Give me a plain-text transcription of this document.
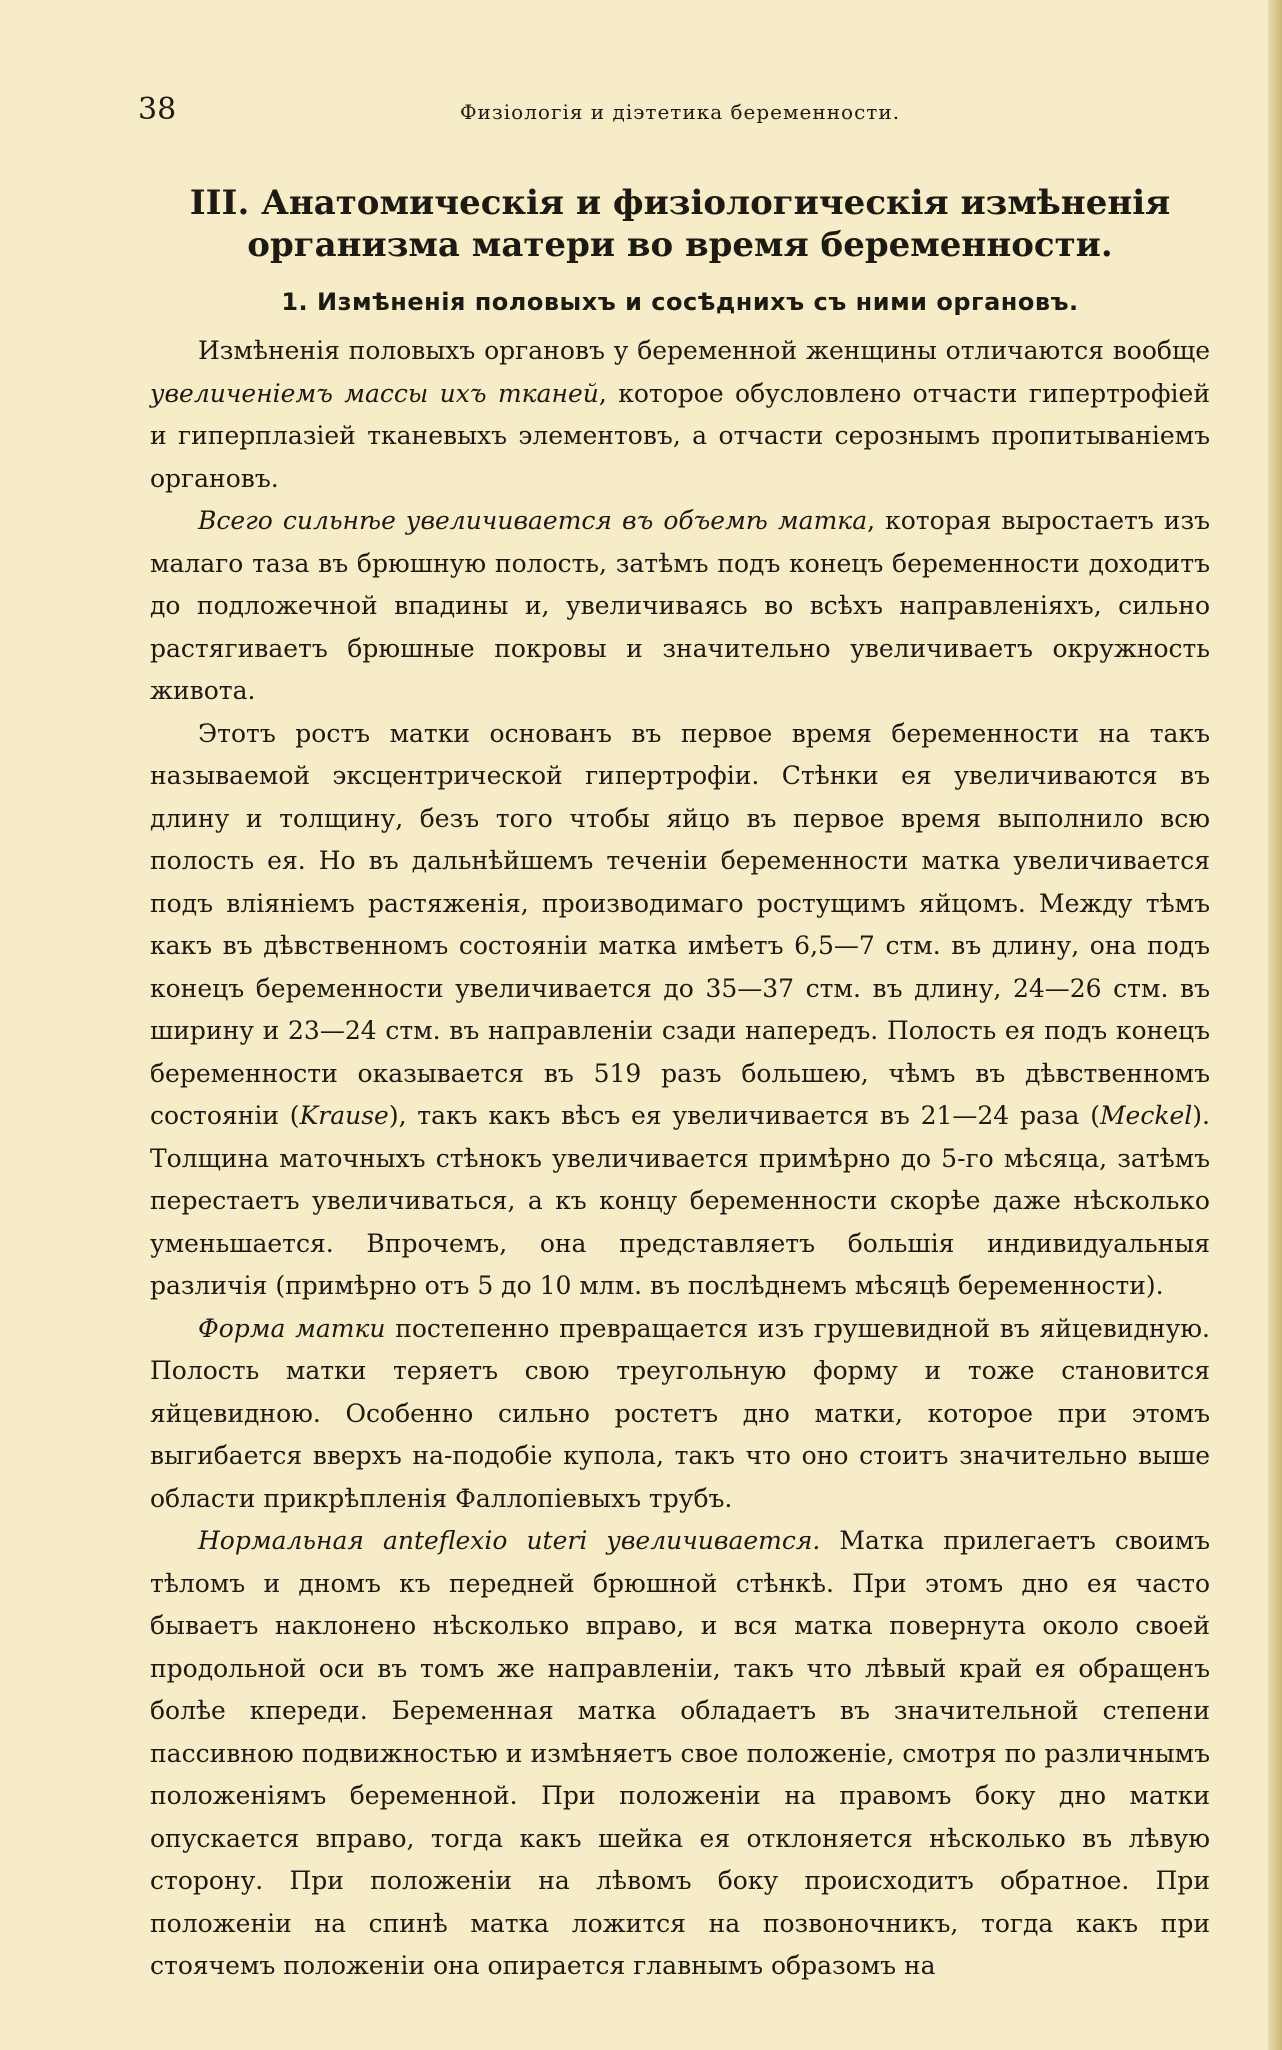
38	Физіологія и діэтетика беременности.
III. Анатомическія и физіологическія измѣненія
организма матери во время беременности.
1. Измѣненія половыхъ и сосѣднихъ съ ними органовъ.

Измѣненія половыхъ органовъ у беременной женщины отличаются вообще увеличеніемъ массы ихъ тканей, которое обусловлено отчасти гипертрофіей и гиперплазіей тканевыхъ элементовъ, а отчасти серознымъ пропитываніемъ органовъ.

Всего сильнѣе увеличивается въ объемѣ матка, которая выростаетъ изъ малаго таза въ брюшную полость, затѣмъ подъ конецъ беременности доходитъ до подложечной впадины и, увеличиваясь во всѣхъ направленіяхъ, сильно растягиваетъ брюшные покровы и значительно увеличиваетъ окружность живота.

Этотъ ростъ матки основанъ въ первое время беременности на такъ называемой эксцентрической гипертрофіи. Стѣнки ея увеличиваются въ длину и толщину, безъ того чтобы яйцо въ первое время выполнило всю полость ея. Но въ дальнѣйшемъ теченіи беременности матка увеличивается подъ вліяніемъ растяженія, производимаго ростущимъ яйцомъ. Между тѣмъ какъ въ дѣвственномъ состояніи матка имѣетъ 6,5—7 стм. въ длину, она подъ конецъ беременности увеличивается до 35—37 стм. въ длину, 24—26 стм. въ ширину и 23—24 стм. въ направленіи сзади напередъ. Полость ея подъ конецъ беременности оказывается въ 519 разъ большею, чѣмъ въ дѣвственномъ состояніи (Krause), такъ какъ вѣсъ ея увеличивается въ 21—24 раза (Meckel). Толщина маточныхъ стѣнокъ увеличивается примѣрно до 5-го мѣсяца, затѣмъ перестаетъ увеличиваться, а къ концу беременности скорѣе даже нѣсколько уменьшается. Впрочемъ, она представляетъ большія индивидуальныя различія (примѣрно отъ 5 до 10 млм. въ послѣднемъ мѣсяцѣ беременности).

Форма матки постепенно превращается изъ грушевидной въ яйцевидную. Полость матки теряетъ свою треугольную форму и тоже становится яйцевидною. Особенно сильно ростетъ дно матки, которое при этомъ выгибается вверхъ на-подобіе купола, такъ что оно стоитъ значительно выше области прикрѣпленія Фаллопіевыхъ трубъ.

Нормальная anteflexio uteri увеличивается. Матка прилегаетъ своимъ тѣломъ и дномъ къ передней брюшной стѣнкѣ. При этомъ дно ея часто бываетъ наклонено нѣсколько вправо, и вся матка повернута около своей продольной оси въ томъ же направленіи, такъ что лѣвый край ея обращенъ болѣе кпереди. Беременная матка обладаетъ въ значительной степени пассивною подвижностью и измѣняетъ свое положеніе, смотря по различнымъ положеніямъ беременной. При положеніи на правомъ боку дно матки опускается вправо, тогда какъ шейка ея отклоняется нѣсколько въ лѣвую сторону. При положеніи на лѣвомъ боку происходитъ обратное. При положеніи на спинѣ матка ложится на позвоночникъ, тогда какъ при стоячемъ положеніи она опирается главнымъ образомъ на
